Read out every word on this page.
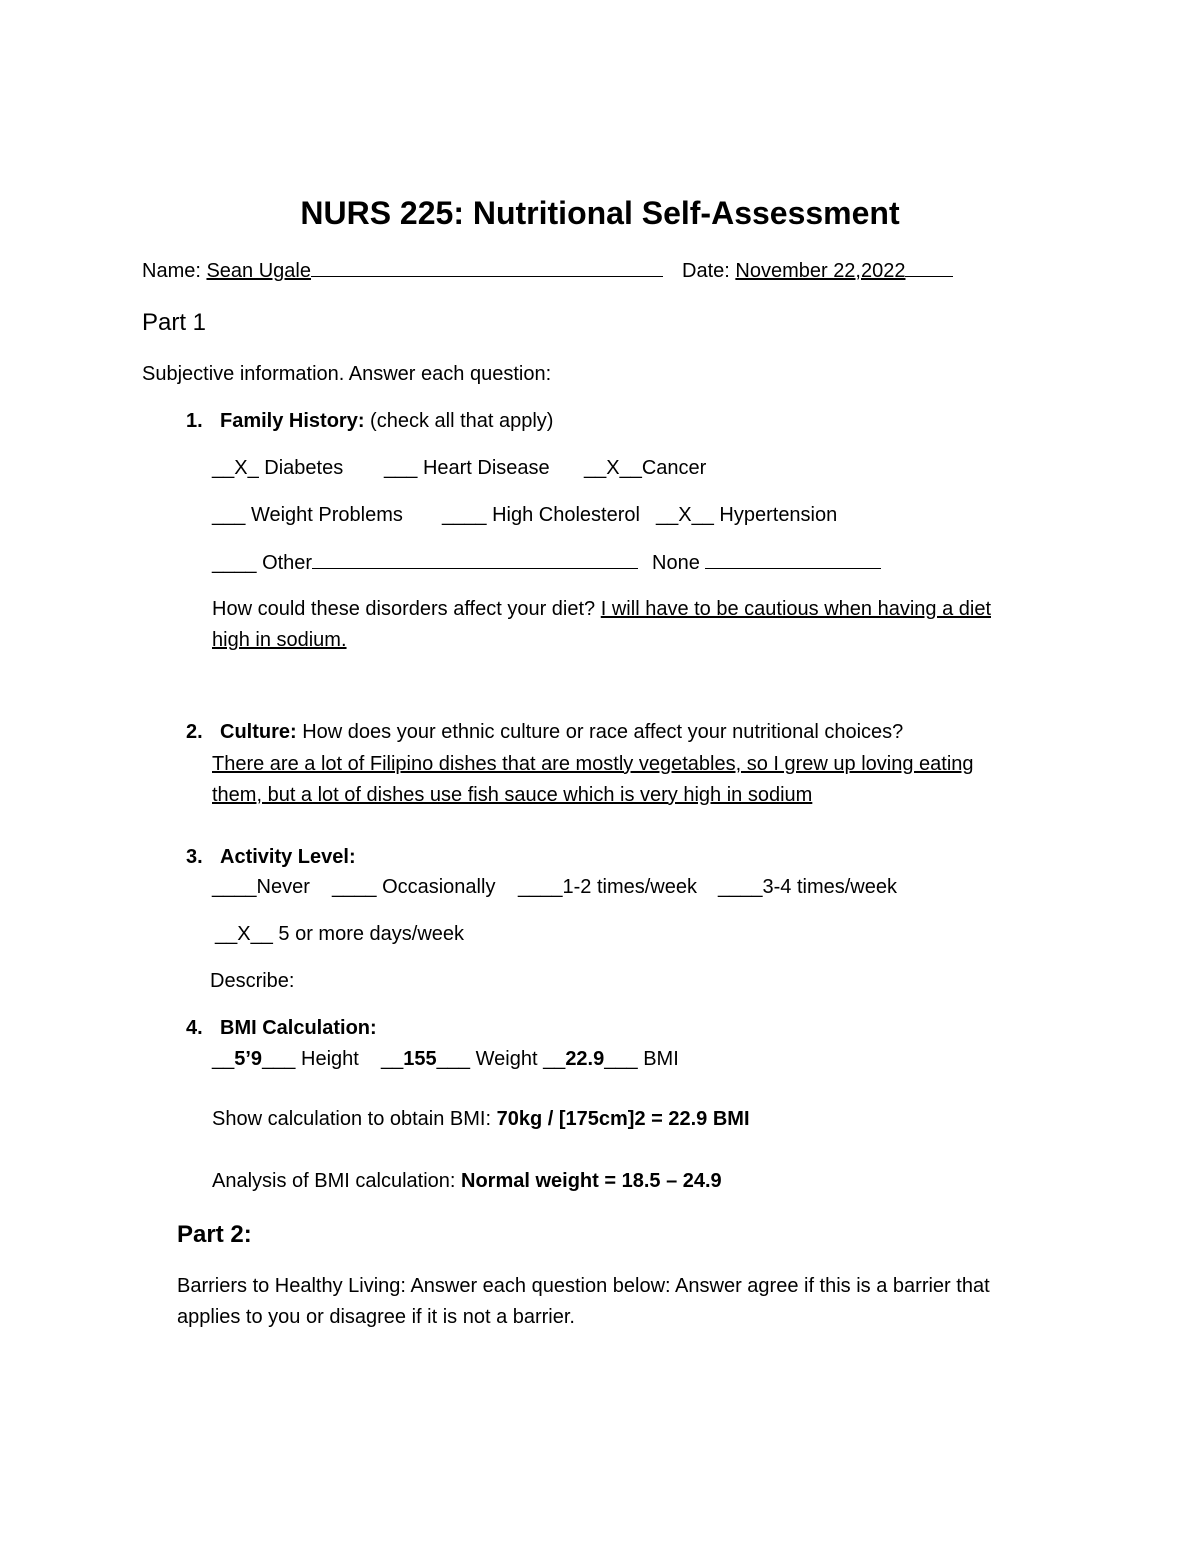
NURS 225: Nutritional Self-Assessment
Name: Sean Ugale	Date: November 22,2022
Part 1
Subjective information. Answer each question:
1. Family History: (check all that apply)
__X_ Diabetes ___ Heart Disease __X__Cancer
___ Weight Problems ____ High Cholesterol __X__ Hypertension
____ Other	None
How could these disorders affect your diet? I will have to be cautious when having a diet
high in sodium.
2. Culture: How does your ethnic culture or race affect your nutritional choices?
There are a lot of Filipino dishes that are mostly vegetables, so I grew up loving eating
them, but a lot of dishes use fish sauce which is very high in sodium
3. Activity Level:
____Never ____ Occasionally ____1-2 times/week ____3-4 times/week
__X__ 5 or more days/week
Describe:
4. BMI Calculation:
__5’9___ Height __155___ Weight __22.9___ BMI
Show calculation to obtain BMI: 70kg / [175cm]2 = 22.9 BMI
Analysis of BMI calculation: Normal weight = 18.5 – 24.9
Part 2:
Barriers to Healthy Living: Answer each question below: Answer agree if this is a barrier that
applies to you or disagree if it is not a barrier.
